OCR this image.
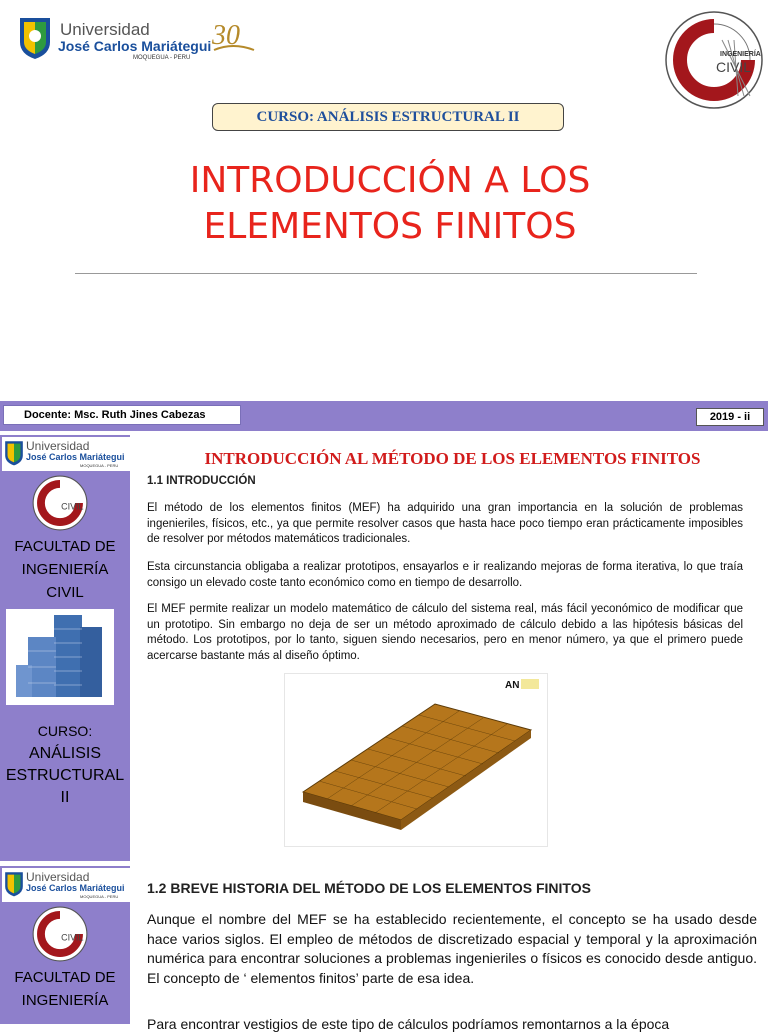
Universidad
José Carlos Mariátegui
MOQUEGUA - PERU
30
INGENIERÍA
CIVIL
CURSO: ANÁLISIS ESTRUCTURAL II
INTRODUCCIÓN A LOS
ELEMENTOS FINITOS
Docente: Msc. Ruth Jines Cabezas	2019 - ii
Universidad
José Carlos Mariátegui
MOQUEGUA - PERU
CIVIL
FACULTAD DE
INGENIERÍA
CIVIL
CURSO:
ANÁLISIS
ESTRUCTURAL
II
INTRODUCCIÓN AL MÉTODO DE LOS ELEMENTOS FINITOS
1.1 INTRODUCCIÓN

El método de los elementos finitos (MEF) ha adquirido una gran importancia en la solución de problemas ingenieriles, físicos, etc., ya que permite resolver casos que hasta hace poco tiempo eran prácticamente imposibles de resolver por métodos matemáticos tradicionales.

Esta circunstancia obligaba a realizar prototipos, ensayarlos e ir realizando mejoras de forma iterativa, lo que traía consigo un elevado coste tanto económico como en tiempo de desarrollo.

El MEF permite realizar un modelo matemático de cálculo del sistema real, más fácil yeconómico de modificar que un prototipo. Sin embargo no deja de ser un método aproximado de cálculo debido a las hipótesis básicas del método. Los prototipos, por lo tanto, siguen siendo necesarios, pero en menor número, ya que el primero puede acercarse bastante más al diseño óptimo.

AN
Universidad
José Carlos Mariátegui
MOQUEGUA - PERU
CIVIL
FACULTAD DE
INGENIERÍA
1.2 BREVE HISTORIA DEL MÉTODO DE LOS ELEMENTOS FINITOS

Aunque el nombre del MEF se ha establecido recientemente, el concepto se ha usado desde hace varios siglos. El empleo de métodos de discretizado espacial y temporal y la aproximación numérica para encontrar soluciones a problemas ingenieriles o físicos es conocido desde antiguo. El concepto de ‘ elementos finitos’ parte de esa idea.

Para encontrar vestigios de este tipo de cálculos podríamos remontarnos a la época
